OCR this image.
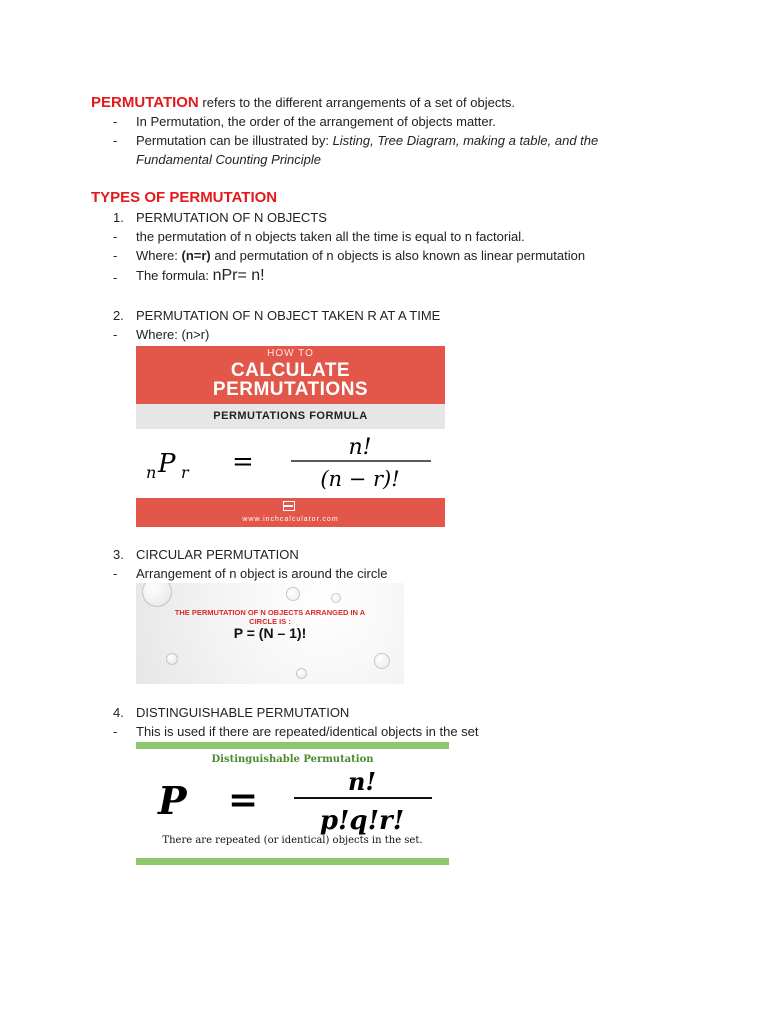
PERMUTATION refers to the different arrangements of a set of objects.
- In Permutation, the order of the arrangement of objects matter.
- Permutation can be illustrated by: Listing, Tree Diagram, making a table, and the
Fundamental Counting Principle
TYPES OF PERMUTATION
1. PERMUTATION OF N OBJECTS
- the permutation of n objects taken all the time is equal to n factorial.
- Where: (n=r) and permutation of n objects is also known as linear permutation
- The formula: nPr= n!
2. PERMUTATION OF N OBJECT TAKEN R AT A TIME
- Where: (n>r)
HOW TO
CALCULATE
PERMUTATIONS
PERMUTATIONS FORMULA
n P r =	n!
(n − r)!
www.inchcalculator.com
3. CIRCULAR PERMUTATION
- Arrangement of n object is around the circle
THE PERMUTATION OF N OBJECTS ARRANGED IN A
CIRCLE IS :
P = (N – 1)!
4. DISTINGUISHABLE PERMUTATION
- This is used if there are repeated/identical objects in the set
Distinguishable Permutation
P =	n!
p!q!r!
There are repeated (or identical) objects in the set.
